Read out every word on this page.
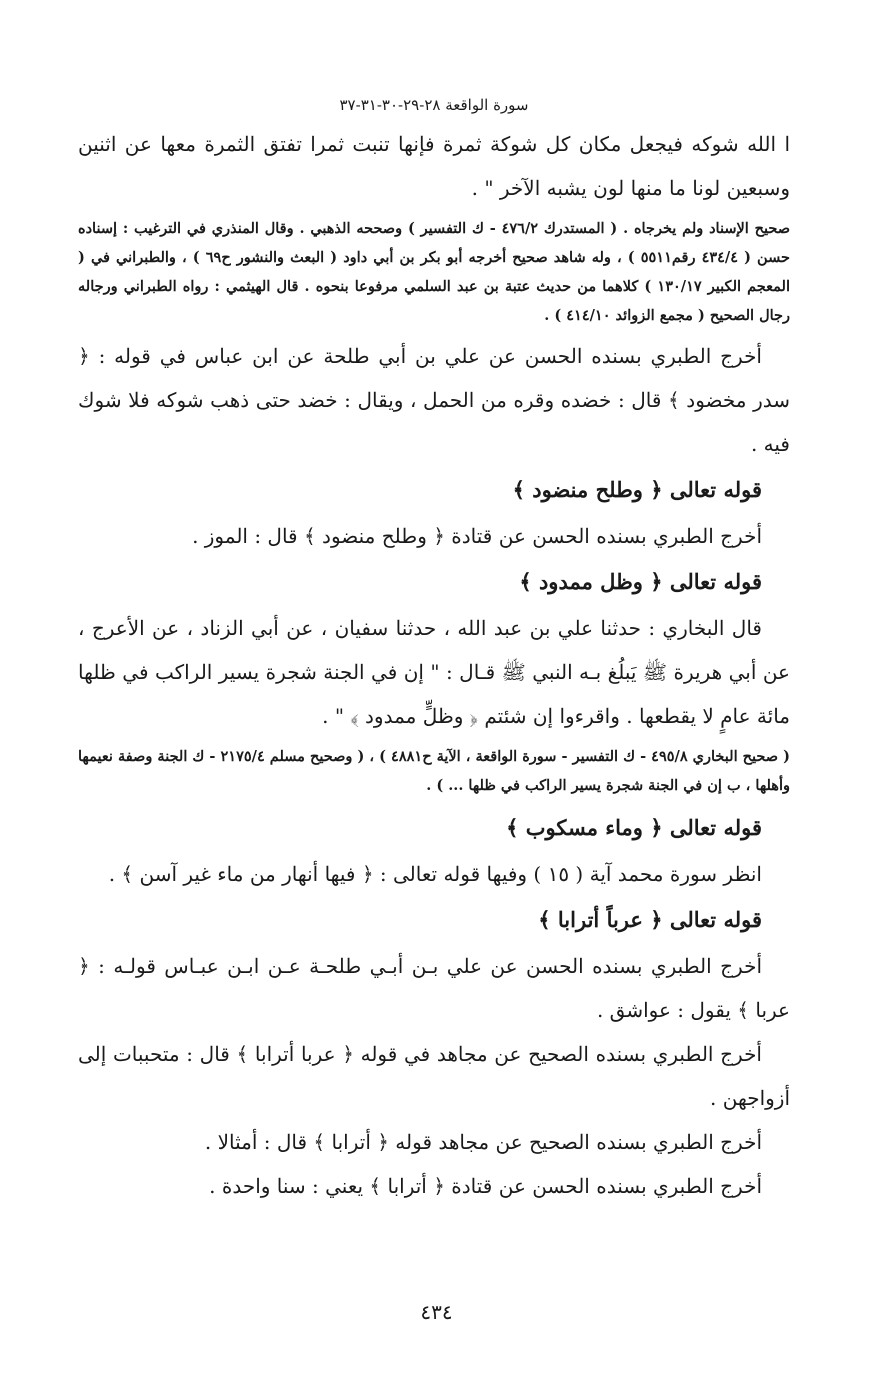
سورة الواقعة ٢٨-٢٩-٣٠-٣١-٣٧

ا الله شوكه فيجعل مكان كل شوكة ثمرة فإنها تنبت ثمرا تفتق الثمرة معها عن اثنين وسبعين لونا ما منها لون يشبه الآخر " .

صحيح الإسناد ولم يخرجاه . ( المستدرك ٤٧٦/٢ - ك التفسير ) وصححه الذهبي . وقال المنذري في الترغيب : إسناده حسن ( ٤٣٤/٤ رقم٥٥١١ ) ، وله شاهد صحيح أخرجه أبو بكر بن أبي داود ( البعث والنشور ح٦٩ ) ، والطبراني في ( المعجم الكبير ١٣٠/١٧ ) كلاهما من حديث عتبة بن عبد السلمي مرفوعا بنحوه . قال الهيثمي : رواه الطبراني ورجاله رجال الصحيح ( مجمع الزوائد ٤١٤/١٠ ) .

أخرج الطبري بسنده الحسن عن علي بن أبي طلحة عن ابن عباس في قوله : ﴿ سدر مخضود ﴾ قال : خضده وقره من الحمل ، ويقال : خضد حتى ذهب شوكه فلا شوك فيه .

قوله تعالى ﴿ وطلح منضود ﴾

أخرج الطبري بسنده الحسن عن قتادة ﴿ وطلح منضود ﴾ قال : الموز .

قوله تعالى ﴿ وظل ممدود ﴾

قال البخاري : حدثنا علي بن عبد الله ، حدثنا سفيان ، عن أبي الزناد ، عن الأعرج ، عن أبي هريرة ﷺ يَبلُغ بـه النبي ﷺ قـال : " إن في الجنة شجرة يسير الراكب في ظلها مائة عامٍ لا يقطعها . واقرءوا إن شئتم ﴿ وظلٍّ ممدود ﴾ " .

( صحيح البخاري ٤٩٥/٨ - ك التفسير - سورة الواقعة ، الآية ح٤٨٨١ ) ، ( وصحيح مسلم ٢١٧٥/٤ - ك الجنة وصفة نعيمها وأهلها ، ب إن في الجنة شجرة يسير الراكب في ظلها ... ) .

قوله تعالى ﴿ وماء مسكوب ﴾

انظر سورة محمد آية ( ١٥ ) وفيها قوله تعالى : ﴿ فيها أنهار من ماء غير آسن ﴾ .

قوله تعالى ﴿ عرباً أترابا ﴾

أخرج الطبري بسنده الحسن عن علي بـن أبـي طلحـة عـن ابـن عبـاس قولـه : ﴿ عربا ﴾ يقول : عواشق .

أخرج الطبري بسنده الصحيح عن مجاهد في قوله ﴿ عربا أترابا ﴾ قال : متحببات إلى أزواجهن .

أخرج الطبري بسنده الصحيح عن مجاهد قوله ﴿ أترابا ﴾ قال : أمثالا .

أخرج الطبري بسنده الحسن عن قتادة ﴿ أترابا ﴾ يعني : سنا واحدة .

٤٣٤
